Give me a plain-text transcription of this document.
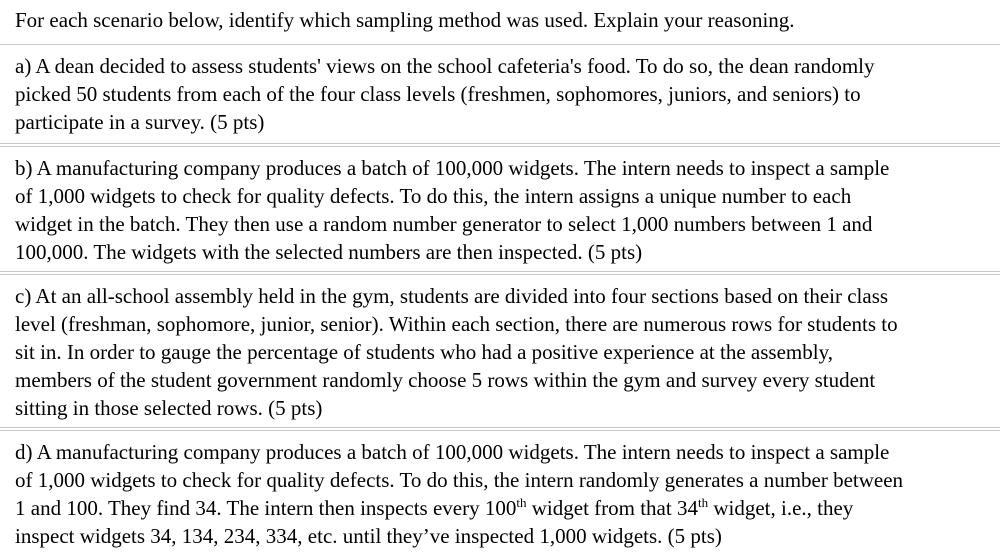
For each scenario below, identify which sampling method was used. Explain your reasoning.

a) A dean decided to assess students' views on the school cafeteria's food. To do so, the dean randomly
picked 50 students from each of the four class levels (freshmen, sophomores, juniors, and seniors) to
participate in a survey. (5 pts)

b) A manufacturing company produces a batch of 100,000 widgets. The intern needs to inspect a sample
of 1,000 widgets to check for quality defects. To do this, the intern assigns a unique number to each
widget in the batch. They then use a random number generator to select 1,000 numbers between 1 and
100,000. The widgets with the selected numbers are then inspected. (5 pts)

c) At an all-school assembly held in the gym, students are divided into four sections based on their class
level (freshman, sophomore, junior, senior). Within each section, there are numerous rows for students to
sit in. In order to gauge the percentage of students who had a positive experience at the assembly,
members of the student government randomly choose 5 rows within the gym and survey every student
sitting in those selected rows. (5 pts)

d) A manufacturing company produces a batch of 100,000 widgets. The intern needs to inspect a sample
of 1,000 widgets to check for quality defects. To do this, the intern randomly generates a number between
1 and 100. They find 34. The intern then inspects every 100th widget from that 34th widget, i.e., they
inspect widgets 34, 134, 234, 334, etc. until they’ve inspected 1,000 widgets. (5 pts)
